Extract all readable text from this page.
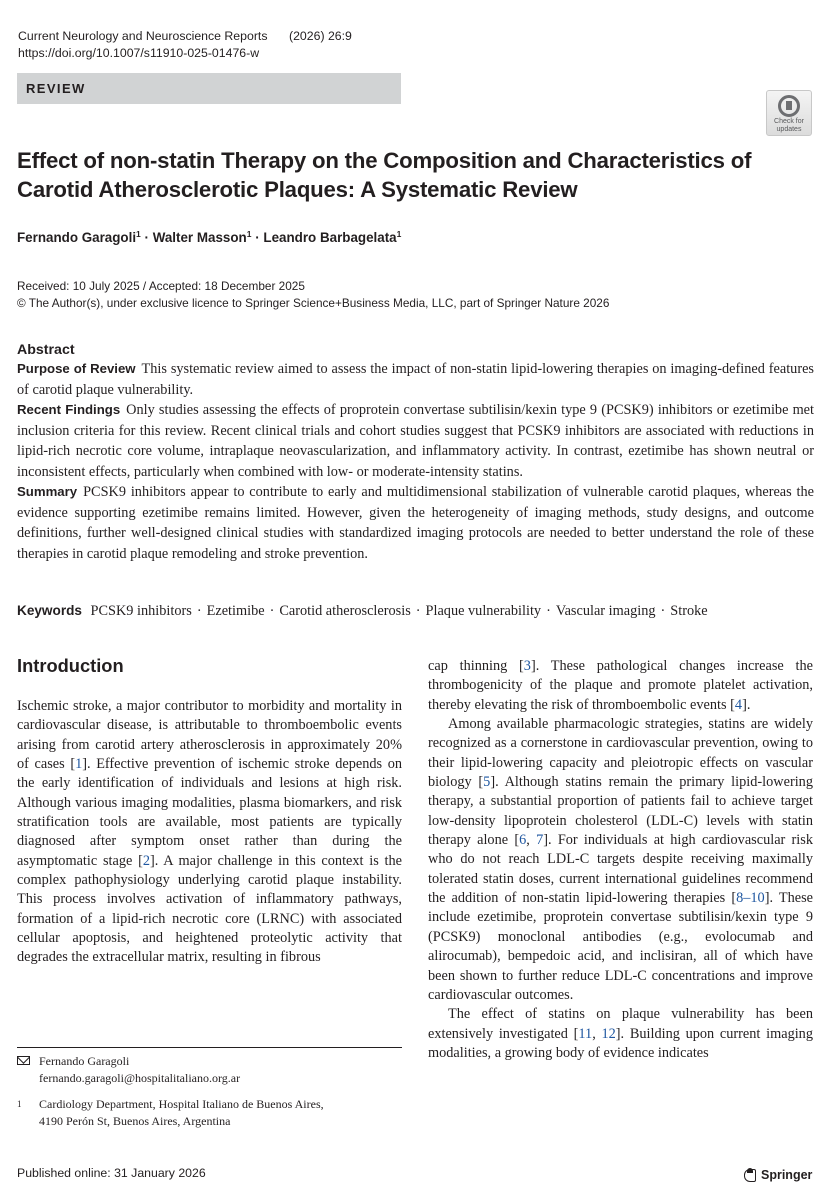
Current Neurology and Neuroscience Reports	(2026) 26:9
https://doi.org/10.1007/s11910-025-01476-w
REVIEW
Check for
updates
Effect of non-statin Therapy on the Composition and Characteristics of Carotid Atherosclerotic Plaques: A Systematic Review
Fernando Garagoli$^1$ · Walter Masson$^1$ · Leandro Barbagelata$^1$
Received: 10 July 2025 / Accepted: 18 December 2025
© The Author(s), under exclusive licence to Springer Science+Business Media, LLC, part of Springer Nature 2026
Abstract

Purpose of Review This systematic review aimed to assess the impact of non-statin lipid-lowering therapies on imaging-defined features of carotid plaque vulnerability.

Recent Findings Only studies assessing the effects of proprotein convertase subtilisin/kexin type 9 (PCSK9) inhibitors or ezetimibe met inclusion criteria for this review. Recent clinical trials and cohort studies suggest that PCSK9 inhibitors are associated with reductions in lipid-rich necrotic core volume, intraplaque neovascularization, and inflammatory activity. In contrast, ezetimibe has shown neutral or inconsistent effects, particularly when combined with low- or moderate-intensity statins.

Summary PCSK9 inhibitors appear to contribute to early and multidimensional stabilization of vulnerable carotid plaques, whereas the evidence supporting ezetimibe remains limited. However, given the heterogeneity of imaging methods, study designs, and outcome definitions, further well-designed clinical studies with standardized imaging protocols are needed to better understand the role of these therapies in carotid plaque remodeling and stroke prevention.

Keywords PCSK9 inhibitors · Ezetimibe · Carotid atherosclerosis · Plaque vulnerability · Vascular imaging · Stroke
Introduction

Ischemic stroke, a major contributor to morbidity and mortality in cardiovascular disease, is attributable to thromboembolic events arising from carotid artery atherosclerosis in approximately 20% of cases [1]. Effective prevention of ischemic stroke depends on the early identification of individuals and lesions at high risk. Although various imaging modalities, plasma biomarkers, and risk stratification tools are available, most patients are typically diagnosed after symptom onset rather than during the asymptomatic stage [2]. A major challenge in this context is the complex pathophysiology underlying carotid plaque instability. This process involves activation of inflammatory pathways, formation of a lipid-rich necrotic core (LRNC) with associated cellular apoptosis, and heightened proteolytic activity that degrades the extracellular matrix, resulting in fibrous

cap thinning [3]. These pathological changes increase the thrombogenicity of the plaque and promote platelet activation, thereby elevating the risk of thromboembolic events [4].

Among available pharmacologic strategies, statins are widely recognized as a cornerstone in cardiovascular prevention, owing to their lipid-lowering capacity and pleiotropic effects on vascular biology [5]. Although statins remain the primary lipid-lowering therapy, a substantial proportion of patients fail to achieve target low-density lipoprotein cholesterol (LDL-C) levels with statin therapy alone [6, 7]. For individuals at high cardiovascular risk who do not reach LDL-C targets despite receiving maximally tolerated statin doses, current international guidelines recommend the addition of non-statin lipid-lowering therapies [8–10]. These include ezetimibe, proprotein convertase subtilisin/kexin type 9 (PCSK9) monoclonal antibodies (e.g., evolocumab and alirocumab), bempedoic acid, and inclisiran, all of which have been shown to further reduce LDL-C concentrations and improve cardiovascular outcomes.

The effect of statins on plaque vulnerability has been extensively investigated [11, 12]. Building upon current imaging modalities, a growing body of evidence indicates

Fernando Garagoli
fernando.garagoli@hospitalitaliano.org.ar
$^1$	Cardiology Department, Hospital Italiano de Buenos Aires,
4190 Perón St, Buenos Aires, Argentina
Published online: 31 January 2026	Springer
